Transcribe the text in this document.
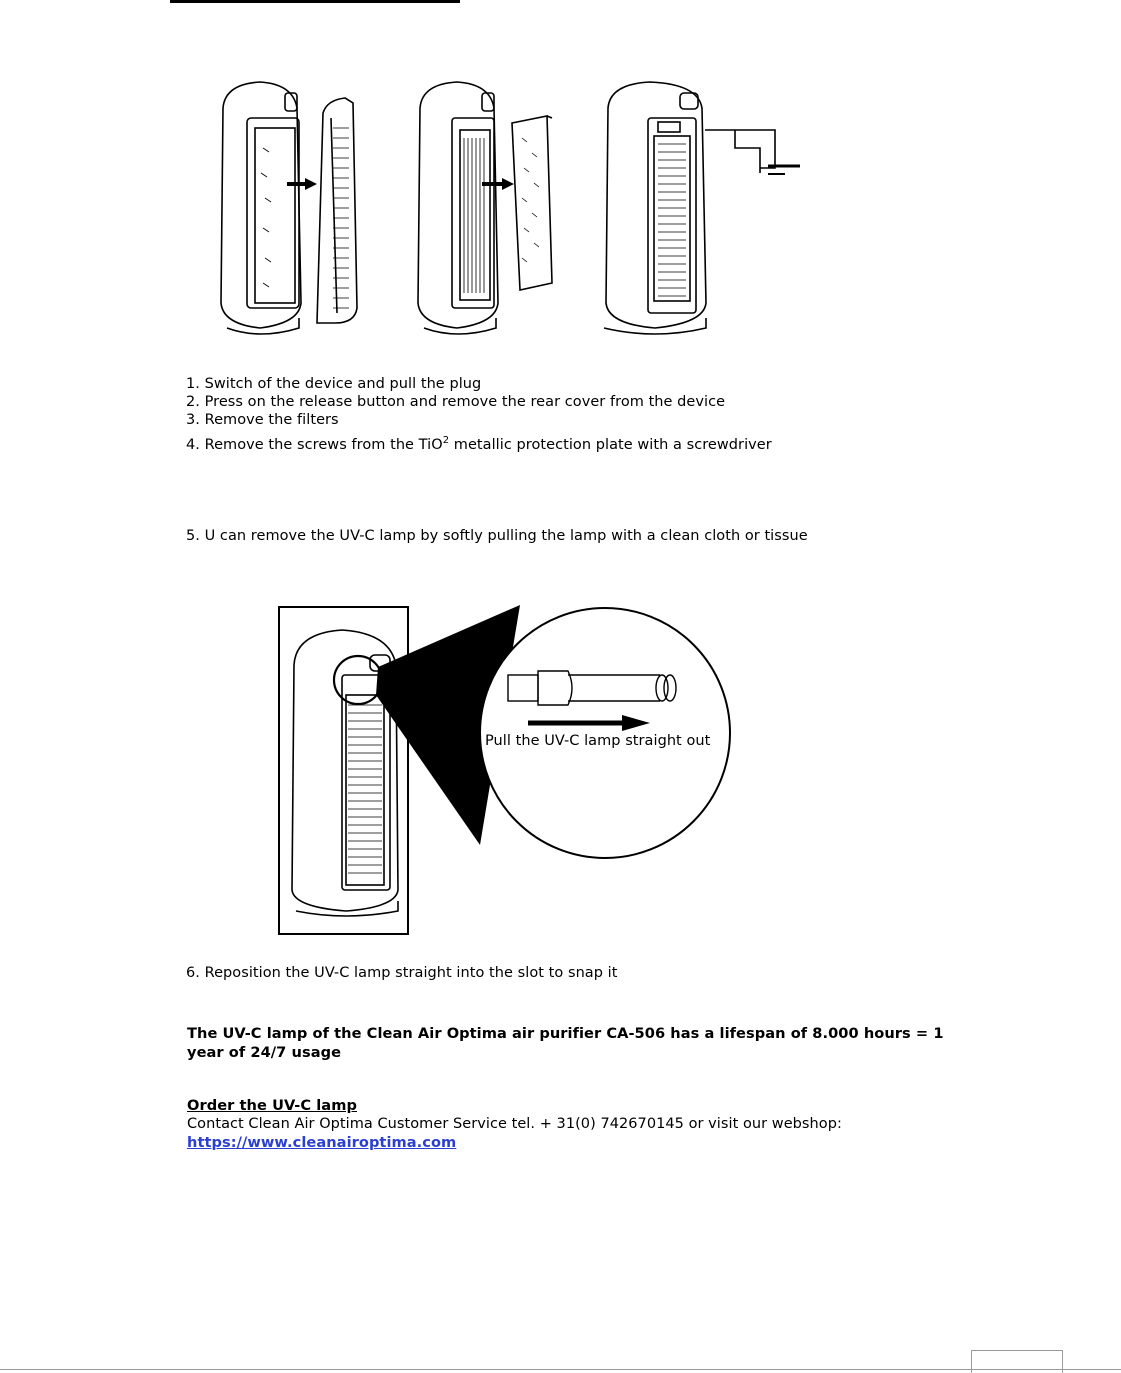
1. Switch of the device and pull the plug
2. Press on the release button and remove the rear cover from the device
3. Remove the filters
4. Remove the screws from the TiO$^2$ metallic protection plate with a screwdriver
5. U can remove the UV-C lamp by softly pulling the lamp with a clean cloth or tissue
Pull the UV-C lamp straight out
6. Reposition the UV-C lamp straight into the slot to snap it
The UV-C lamp of the Clean Air Optima air purifier CA-506 has a lifespan of 8.000 hours = 1
year of 24/7 usage
Order the UV-C lamp
Contact Clean Air Optima Customer Service tel. + 31(0) 742670145 or visit our webshop:
https://www.cleanairoptima.com
